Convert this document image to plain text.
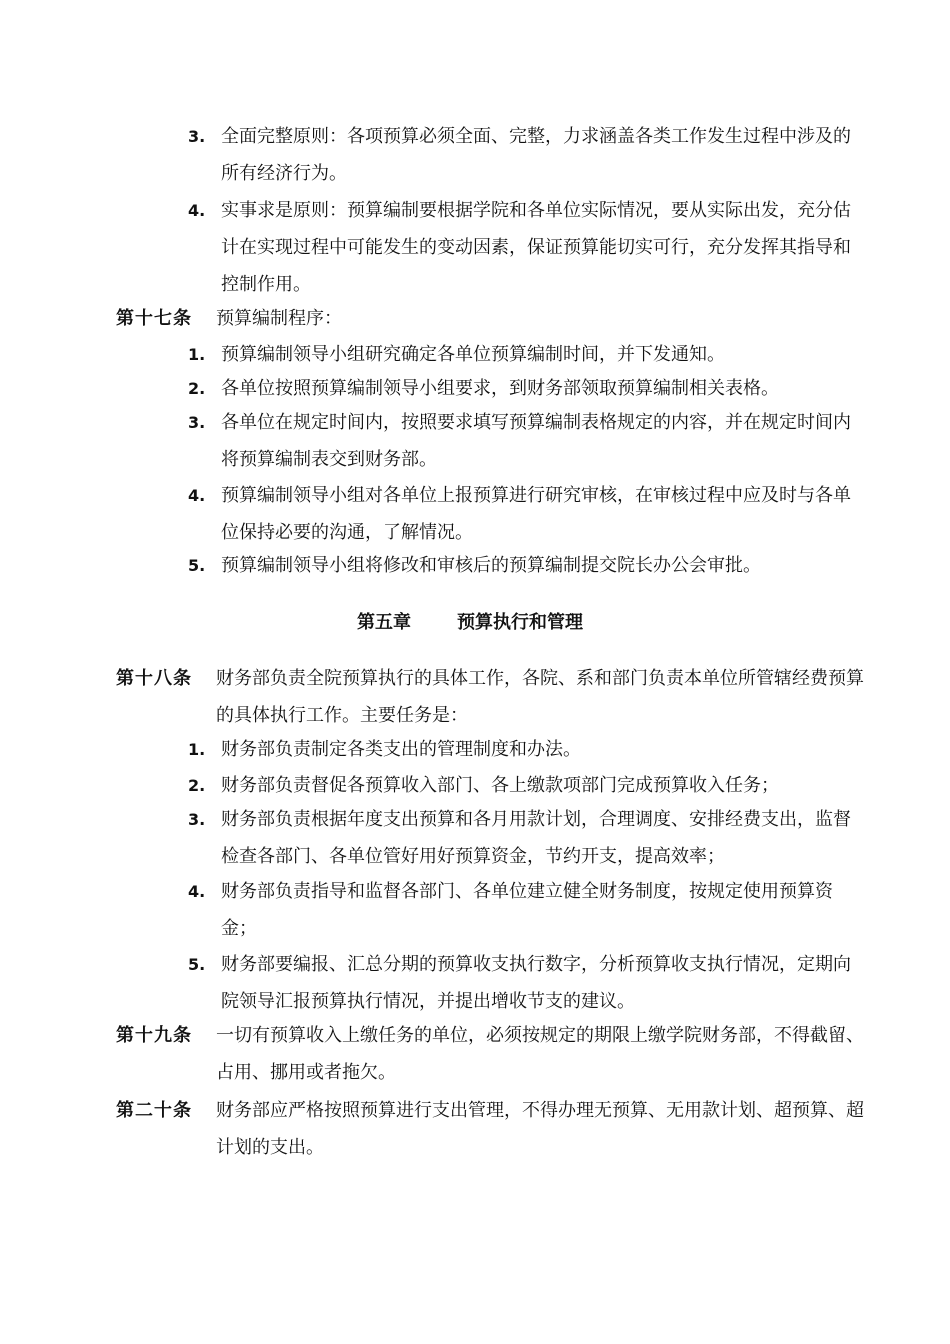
3. 全面完整原则：各项预算必须全面、完整，力求涵盖各类工作发生过程中涉及的所有经济行为。
4. 实事求是原则：预算编制要根据学院和各单位实际情况，要从实际出发，充分估计在实现过程中可能发生的变动因素，保证预算能切实可行，充分发挥其指导和控制作用。
第十七条 预算编制程序：
1. 预算编制领导小组研究确定各单位预算编制时间，并下发通知。
2. 各单位按照预算编制领导小组要求，到财务部领取预算编制相关表格。
3. 各单位在规定时间内，按照要求填写预算编制表格规定的内容，并在规定时间内将预算编制表交到财务部。
4. 预算编制领导小组对各单位上报预算进行研究审核，在审核过程中应及时与各单位保持必要的沟通，了解情况。
5. 预算编制领导小组将修改和审核后的预算编制提交院长办公会审批。
第五章	预算执行和管理
第十八条 财务部负责全院预算执行的具体工作，各院、系和部门负责本单位所管辖经费预算的具体执行工作。主要任务是：
1. 财务部负责制定各类支出的管理制度和办法。
2. 财务部负责督促各预算收入部门、各上缴款项部门完成预算收入任务；
3. 财务部负责根据年度支出预算和各月用款计划，合理调度、安排经费支出，监督检查各部门、各单位管好用好预算资金，节约开支，提高效率；
4. 财务部负责指导和监督各部门、各单位建立健全财务制度，按规定使用预算资金；
5. 财务部要编报、汇总分期的预算收支执行数字，分析预算收支执行情况，定期向院领导汇报预算执行情况，并提出增收节支的建议。
第十九条 一切有预算收入上缴任务的单位，必须按规定的期限上缴学院财务部，不得截留、占用、挪用或者拖欠。
第二十条 财务部应严格按照预算进行支出管理，不得办理无预算、无用款计划、超预算、超计划的支出。
